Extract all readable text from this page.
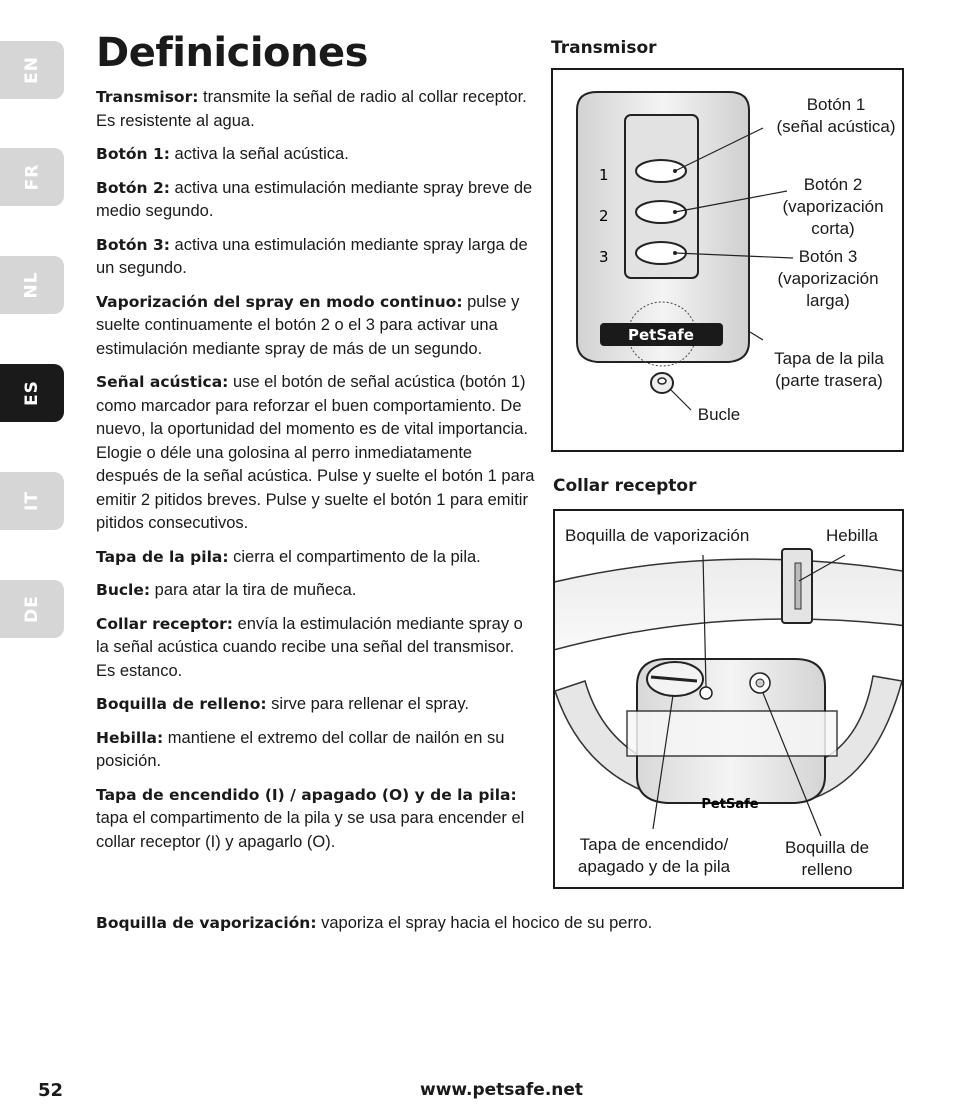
EN
FR
NL
ES
IT
DE
Definiciones

Transmisor: transmite la señal de radio al collar receptor. Es resistente al agua.

Botón 1: activa la señal acústica.

Botón 2: activa una estimulación mediante spray breve de medio segundo.

Botón 3: activa una estimulación mediante spray larga de un segundo.

Vaporización del spray en modo continuo: pulse y suelte continuamente el botón 2 o el 3 para activar una estimulación mediante spray de más de un segundo.

Señal acústica: use el botón de señal acústica (botón 1) como marcador para reforzar el buen comportamiento. De nuevo, la oportunidad del momento es de vital importancia. Elogie o déle una golosina al perro inmediatamente después de la señal acústica. Pulse y suelte el botón 1 para emitir 2 pitidos breves. Pulse y suelte el botón 1 para emitir pitidos consecutivos.

Tapa de la pila: cierra el compartimento de la pila.

Bucle: para atar la tira de muñeca.

Collar receptor: envía la estimulación mediante spray o la señal acústica cuando recibe una señal del transmisor. Es estanco.

Boquilla de relleno: sirve para rellenar el spray.

Hebilla: mantiene el extremo del collar de nailón en su posición.

Tapa de encendido (I) / apagado (O) y de la pila: tapa el compartimento de la pila y se usa para encender el collar receptor (I) y apagarlo (O).

Boquilla de vaporización: vaporiza el spray hacia el hocico de su perro.

Transmisor
1
2
3
PetSafe
Botón 1
(señal acústica)
Botón 2
(vaporización
corta)
Botón 3
(vaporización
larga)
Tapa de la pila
(parte trasera)
Bucle
Collar receptor
PetSafe
Boquilla de vaporización	Hebilla
Tapa de encendido/
apagado y de la pila
Boquilla de
relleno
52	www.petsafe.net
